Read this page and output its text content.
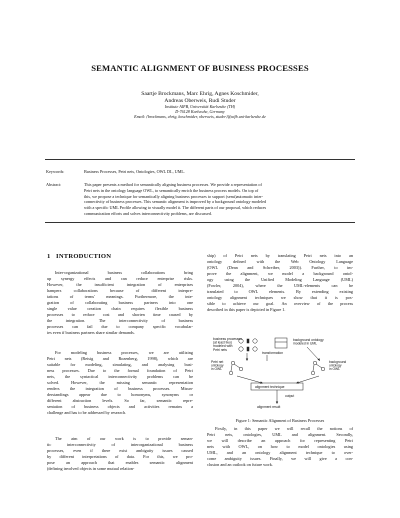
SEMANTIC ALIGNMENT OF BUSINESS PROCESSES
Saartje Brockmans, Marc Ehrig, Agnes Koschmider,
Andreas Oberweis, Rudi Studer
Institute AIFB, Universität Karlsruhe (TH)
D-76128 Karlsruhe, Germany
Email: {brockmans, ehrig, koschmider, oberweis, studer}@aifb.uni-karlsruhe.de
Keywords:	Business Processes, Petri nets, Ontologies, OWL DL, UML.
Abstract:	This paper presents a method for semantically aligning business processes. We provide a representation of
Petri nets in the ontology language OWL, to semantically enrich the business process models. On top of
this, we propose a technique for semantically aligning business processes to support (semi)automatic inter-
connectivity of business processes. This semantic alignment is improved by a background ontology modeled
with a specific UML Profile allowing to visually model it. The different parts of our proposal, which reduces
communication efforts and solves interconnectivity problems, are discussed.
1 INTRODUCTION
Inter-organizational business collaborations bring
up synergy effects and can reduce enterprise risks.
However, the insufficient integration of enterprises
hampers collaborations because of different interpre-
tations of terms' meanings. Furthermore, the inte-
gration of collaborating business partners into one
single value creation chain requires flexible business
processes to reduce cost and shorten time caused by
the integration. The interconnectivity of business
processes can fail due to company specific vocabular-
ies even if business partners share similar demands.
For modeling business processes, we are utilizing
Petri nets (Reisig and Rozenberg, 1998), which are
suitable for modeling, simulating, and analysing busi-
ness processes. Due to the formal foundation of Petri
nets, the syntactical interconnectivity problems can be
solved. However, the missing semantic representation
renders the integration of business processes. Misun-
derstandings appear due to homonyms, synonyms or
different abstraction levels. So far, semantic repre-
sentation of business objects and activities remains a
challenge and has to be addressed by research.
The aim of our work is to provide seman-
tic interconnectivity of interorganizational business
processes, even if there exist ambiguity issues caused
by different interpretations of data. For this, we pro-
pose an approach that enables semantic alignment
(defining involved objects in some mutual relation-
ship) of Petri nets by translating Petri nets into an
ontology defined with the Web Ontology Language
(OWL (Dean and Schreiber, 2003)). Further, to im-
prove the alignment, we model a background ontol-
ogy using the Unified Modeling Language (UML)
(Fowler, 2004), where the UML-elements can be
translated to OWL elements. By extending existing
ontology alignment techniques we show that it is pos-
sible to achieve our goal. An overview of the process
described in this paper is depicted in Figure 1.
Firstly, in this paper we will recall the notions of
Petri nets, ontologies, UML and alignment. Secondly,
we will describe an approach for representing Petri
nets with OWL, on how to model ontologies using
UML, and an ontology alignment technique to over-
come ambiguity issues. Finally, we will give a con-
clusion and an outlook on future work.
business processes
(at least two)
modeled with
Petri nets
background ontology
modeled in UML
transformation
Petri net
ontology
in OWL
background
ontology
in OWL
alignment technique
output
alignment result
Figure 1: Semantic Alignment of Business Processes
